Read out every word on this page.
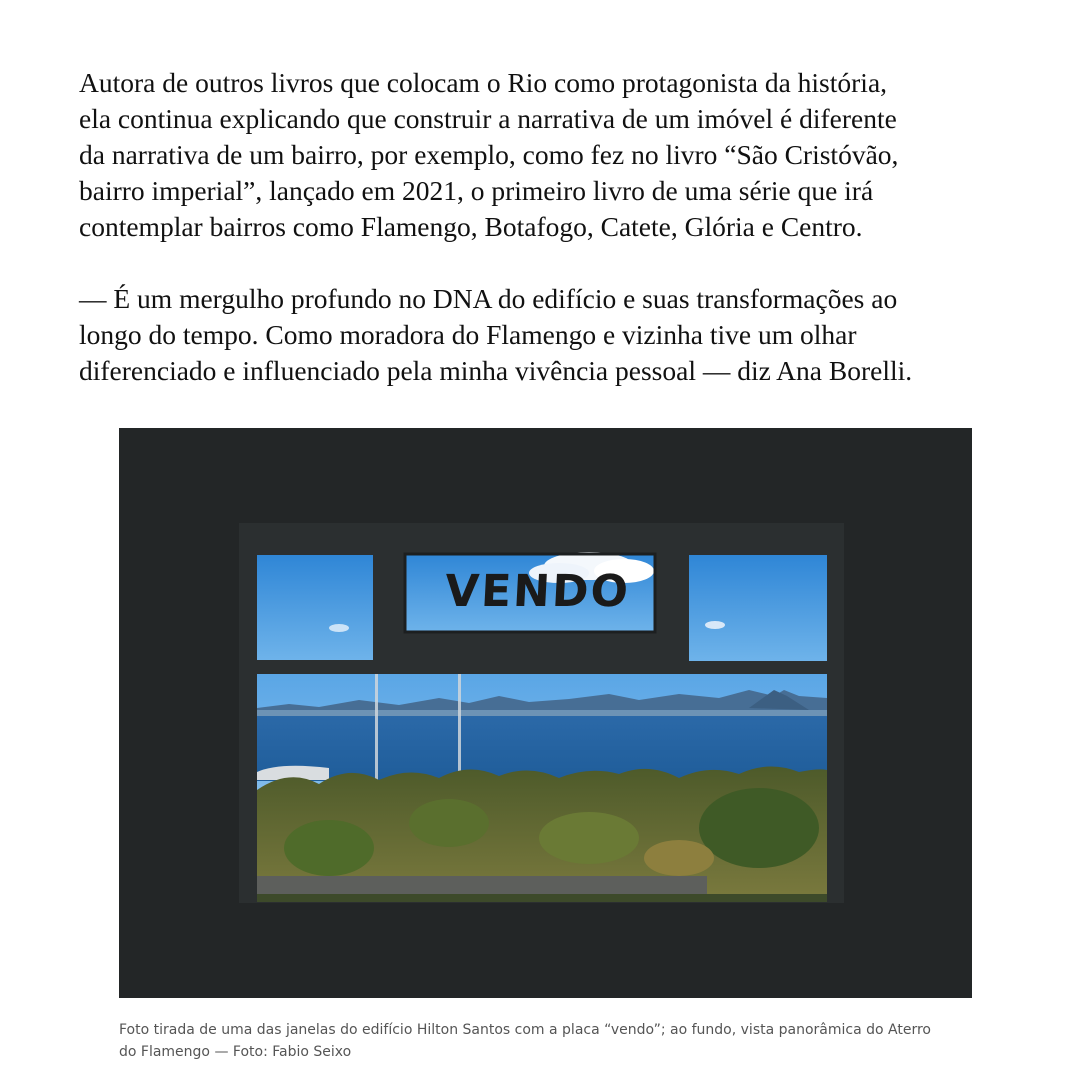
Autora de outros livros que colocam o Rio como protagonista da história,
ela continua explicando que construir a narrativa de um imóvel é diferente
da narrativa de um bairro, por exemplo, como fez no livro “São Cristóvão,
bairro imperial”, lançado em 2021, o primeiro livro de uma série que irá
contemplar bairros como Flamengo, Botafogo, Catete, Glória e Centro.

— É um mergulho profundo no DNA do edifício e suas transformações ao
longo do tempo. Como moradora do Flamengo e vizinha tive um olhar
diferenciado e influenciado pela minha vivência pessoal — diz Ana Borelli.

VENDO
Foto tirada de uma das janelas do edifício Hilton Santos com a placa “vendo”; ao fundo, vista panorâmica do Aterro
do Flamengo — Foto: Fabio Seixo
